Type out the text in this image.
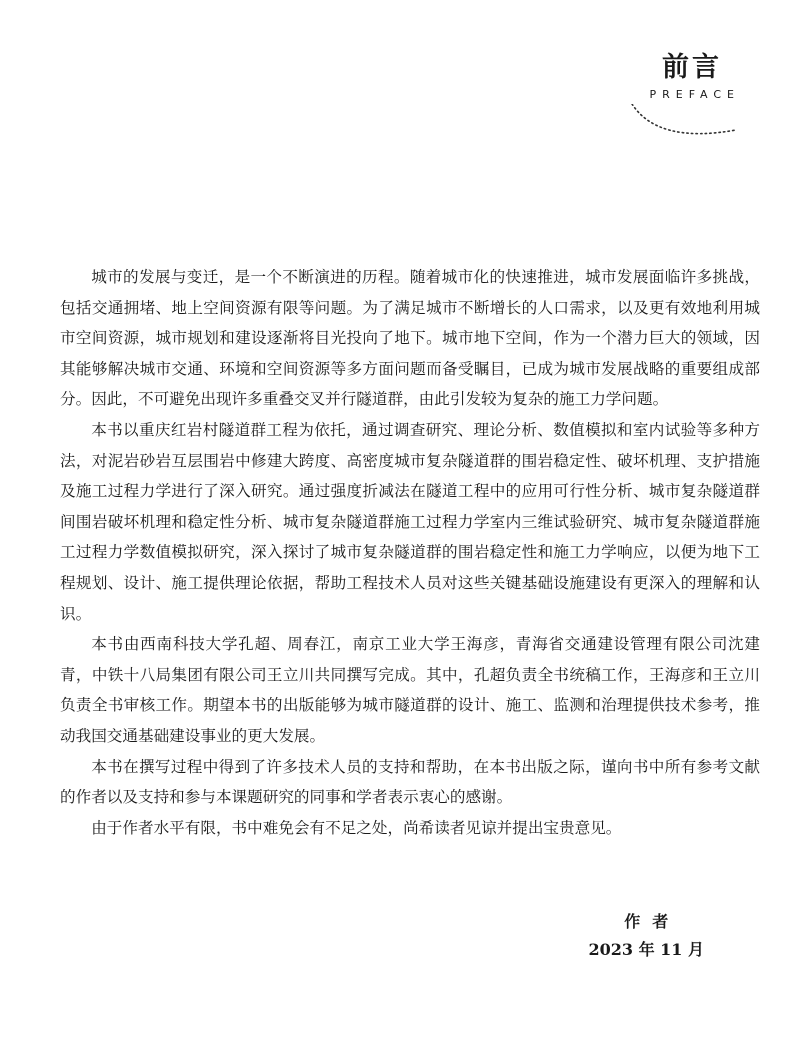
前言
PREFACE

城市的发展与变迁，是一个不断演进的历程。随着城市化的快速推进，城市发展面临许多挑战，包括交通拥堵、地上空间资源有限等问题。为了满足城市不断增长的人口需求，以及更有效地利用城市空间资源，城市规划和建设逐渐将目光投向了地下。城市地下空间，作为一个潜力巨大的领域，因其能够解决城市交通、环境和空间资源等多方面问题而备受瞩目，已成为城市发展战略的重要组成部分。因此，不可避免出现许多重叠交叉并行隧道群，由此引发较为复杂的施工力学问题。

本书以重庆红岩村隧道群工程为依托，通过调查研究、理论分析、数值模拟和室内试验等多种方法，对泥岩砂岩互层围岩中修建大跨度、高密度城市复杂隧道群的围岩稳定性、破坏机理、支护措施及施工过程力学进行了深入研究。通过强度折减法在隧道工程中的应用可行性分析、城市复杂隧道群间围岩破坏机理和稳定性分析、城市复杂隧道群施工过程力学室内三维试验研究、城市复杂隧道群施工过程力学数值模拟研究，深入探讨了城市复杂隧道群的围岩稳定性和施工力学响应，以便为地下工程规划、设计、施工提供理论依据，帮助工程技术人员对这些关键基础设施建设有更深入的理解和认识。

本书由西南科技大学孔超、周春江，南京工业大学王海彦，青海省交通建设管理有限公司沈建青，中铁十八局集团有限公司王立川共同撰写完成。其中，孔超负责全书统稿工作，王海彦和王立川负责全书审核工作。期望本书的出版能够为城市隧道群的设计、施工、监测和治理提供技术参考，推动我国交通基础建设事业的更大发展。

本书在撰写过程中得到了许多技术人员的支持和帮助，在本书出版之际，谨向书中所有参考文献的作者以及支持和参与本课题研究的同事和学者表示衷心的感谢。

由于作者水平有限，书中难免会有不足之处，尚希读者见谅并提出宝贵意见。

作者
2023 年 11 月
